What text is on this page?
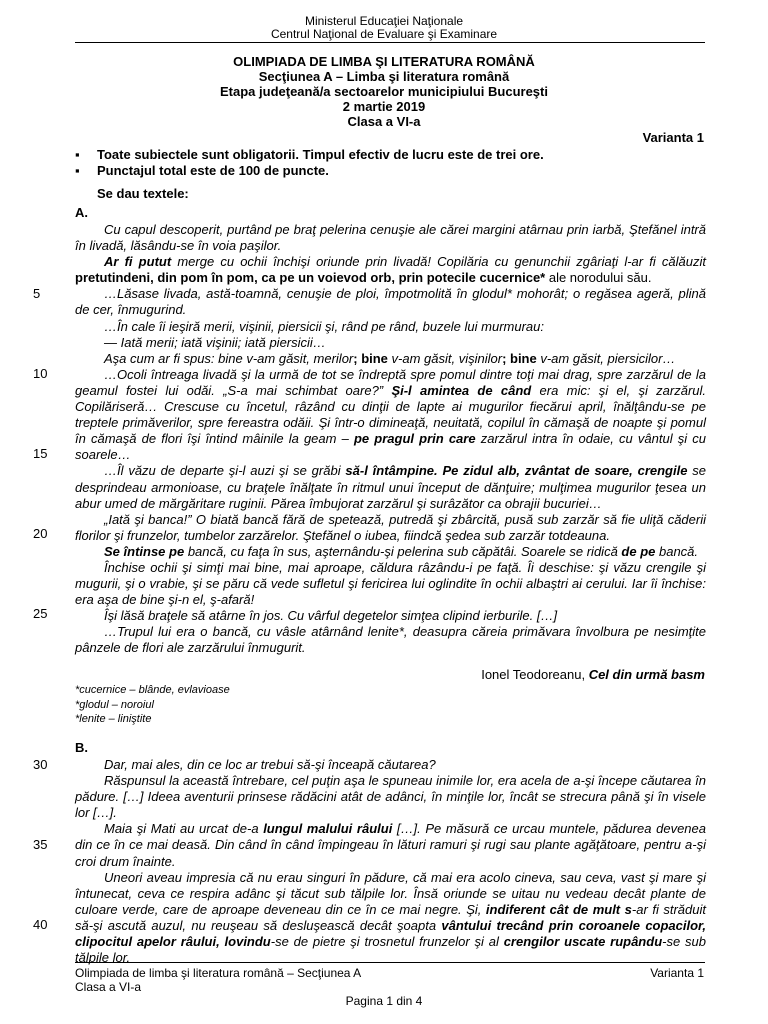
Ministerul Educaţiei Naţionale
Centrul Naţional de Evaluare şi Examinare
OLIMPIADA DE LIMBA ŞI LITERATURA ROMÂNĂ
Secţiunea A – Limba şi literatura română
Etapa judeţeană/a sectoarelor municipiului Bucureşti
2 martie 2019
Clasa a VI-a
Varianta 1
▪ Toate subiectele sunt obligatorii. Timpul efectiv de lucru este de trei ore.
▪ Punctajul total este de 100 de puncte.
Se dau textele:
A.

Cu capul descoperit, purtând pe braţ pelerina cenuşie ale cărei margini atârnau prin iarbă, Ştefănel intră în livadă, lăsându-se în voia paşilor.

Ar fi putut merge cu ochii închişi oriunde prin livadă! Copilăria cu genunchii zgâriaţi l-ar fi călăuzit pretutindeni, din pom în pom, ca pe un voievod orb, prin potecile cucernice* ale norodului său.

…Lăsase livada, astă-toamnă, cenuşie de ploi, împotmolită în glodul* mohorât; o regăsea ageră, plină de cer, înmugurind.

…În cale îi ieşiră merii, vişinii, piersicii şi, rând pe rând, buzele lui murmurau:

— Iată merii; iată vişinii; iată piersicii…

Aşa cum ar fi spus: bine v-am găsit, merilor; bine v-am găsit, vişinilor; bine v-am găsit, piersicilor…

…Ocoli întreaga livadă şi la urmă de tot se îndreptă spre pomul dintre toţi mai drag, spre zarzărul de la geamul fostei lui odăi. „S-a mai schimbat oare?” Şi-l amintea de când era mic: şi el, şi zarzărul. Copilăriseră… Crescuse cu încetul, râzând cu dinţii de lapte ai mugurilor fiecărui april, înălţându-se pe treptele primăverilor, spre fereastra odăii. Şi într-o dimineaţă, neuitată, copilul în cămaşă de noapte şi pomul în cămaşă de flori îşi întind mâinile la geam – pe pragul prin care zarzărul intra în odaie, cu vântul şi cu soarele…

…Îl văzu de departe şi-l auzi şi se grăbi să-l întâmpine. Pe zidul alb, zvântat de soare, crengile se desprindeau armonioase, cu braţele înălţate în ritmul unui început de dănţuire; mulţimea mugurilor ţesea un abur umed de mărgăritare ruginii. Părea îmbujorat zarzărul şi surâzător ca obrajii bucuriei…

„Iată şi banca!” O biată bancă fără de spetează, putredă şi zbârcită, pusă sub zarzăr să fie uliţă căderii florilor şi frunzelor, tumbelor zarzărelor. Ştefănel o iubea, fiindcă şedea sub zarzăr totdeauna.

Se întinse pe bancă, cu faţa în sus, aşternându-şi pelerina sub căpătâi. Soarele se ridică de pe bancă.

Închise ochii şi simţi mai bine, mai aproape, căldura râzându-i pe faţă. Îi deschise: şi văzu crengile şi mugurii, şi o vrabie, şi se păru că vede sufletul şi fericirea lui oglindite în ochii albaştri ai cerului. Iar îi închise: era aşa de bine şi-n el, ş-afară!

Îşi lăsă braţele să atârne în jos. Cu vârful degetelor simţea clipind ierburile. […]

…Trupul lui era o bancă, cu vâsle atârnând lenite*, deasupra căreia primăvara învolbura pe nesimţite pânzele de flori ale zarzărului înmugurit.

Ionel Teodoreanu, Cel din urmă basm
*cucernice – blânde, evlavioase
*glodul – noroiul
*lenite – liniştite
B.

Dar, mai ales, din ce loc ar trebui să-şi înceapă căutarea?

Răspunsul la această întrebare, cel puţin aşa le spuneau inimile lor, era acela de a-şi începe căutarea în pădure. […] Ideea aventurii prinsese rădăcini atât de adânci, în minţile lor, încât se strecura până şi în visele lor […].

Maia şi Mati au urcat de-a lungul malului râului […]. Pe măsură ce urcau muntele, pădurea devenea din ce în ce mai deasă. Din când în când împingeau în lături ramuri şi rugi sau plante agăţătoare, pentru a-şi croi drum înainte.

Uneori aveau impresia că nu erau singuri în pădure, că mai era acolo cineva, sau ceva, vast şi mare şi întunecat, ceva ce respira adânc şi tăcut sub tălpile lor. Însă oriunde se uitau nu vedeau decât plante de culoare verde, care de aproape deveneau din ce în ce mai negre. Şi, indiferent cât de mult s-ar fi străduit să-şi ascută auzul, nu reuşeau să desluşească decât şoapta vântului trecând prin coroanele copacilor, clipocitul apelor râului, lovindu-se de pietre şi trosnetul frunzelor şi al crengilor uscate rupându-se sub tălpile lor.

5
10
15
20
25
30
35
40
Olimpiada de limba şi literatura română – Secţiunea A
Clasa a VI-a
Varianta 1
Pagina 1 din 4
